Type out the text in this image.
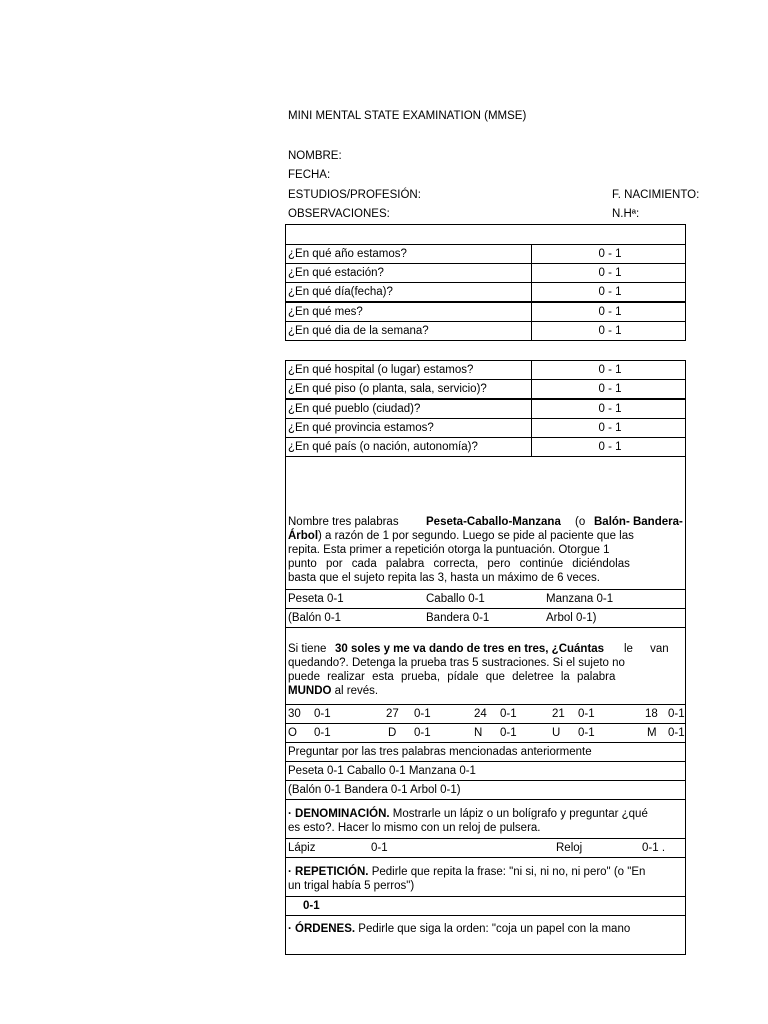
MINI MENTAL STATE EXAMINATION (MMSE)
NOMBRE:
FECHA:
ESTUDIOS/PROFESIÓN:	F. NACIMIENTO:
OBSERVACIONES:	N.Hª:
¿En qué año estamos?	0 - 1
¿En qué estación?	0 - 1
¿En qué día(fecha)?	0 - 1
¿En qué mes?	0 - 1
¿En qué dia de la semana?	0 - 1
¿En qué hospital (o lugar) estamos?	0 - 1
¿En qué piso (o planta, sala, servicio)?	0 - 1
¿En qué pueblo (ciudad)?	0 - 1
¿En qué provincia estamos?	0 - 1
¿En qué país (o nación, autonomía)?	0 - 1
Nombre tres palabras Peseta-Caballo-Manzana (o Balón- Bandera-
Árbol) a razón de 1 por segundo. Luego se pide al paciente que las
repita. Esta primer a repetición otorga la puntuación. Otorgue 1
punto por cada palabra correcta, pero continúe diciéndolas
basta que el sujeto repita las 3, hasta un máximo de 6 veces.
Peseta 0-1	Caballo 0-1	Manzana 0-1
(Balón 0-1	Bandera 0-1	Arbol 0-1)
Si tiene 30 soles y me va dando de tres en tres, ¿Cuántas le van
quedando?. Detenga la prueba tras 5 sustraciones. Si el sujeto no
puede realizar esta prueba, pídale que deletree la palabra
MUNDO al revés.
30 0-1	27 0-1	24 0-1	21 0-1	18 0-1
O 0-1	D 0-1	N 0-1	U 0-1	M 0-1
Preguntar por las tres palabras mencionadas anteriormente
Peseta 0-1 Caballo 0-1 Manzana 0-1
(Balón 0-1 Bandera 0-1 Arbol 0-1)
· DENOMINACIÓN. Mostrarle un lápiz o un bolígrafo y preguntar ¿qué
es esto?. Hacer lo mismo con un reloj de pulsera.
Lápiz	0-1	Reloj	0-1 .
· REPETICIÓN. Pedirle que repita la frase: "ni si, ni no, ni pero" (o "En
un trigal había 5 perros")
0-1
· ÓRDENES. Pedirle que siga la orden: "coja un papel con la mano
